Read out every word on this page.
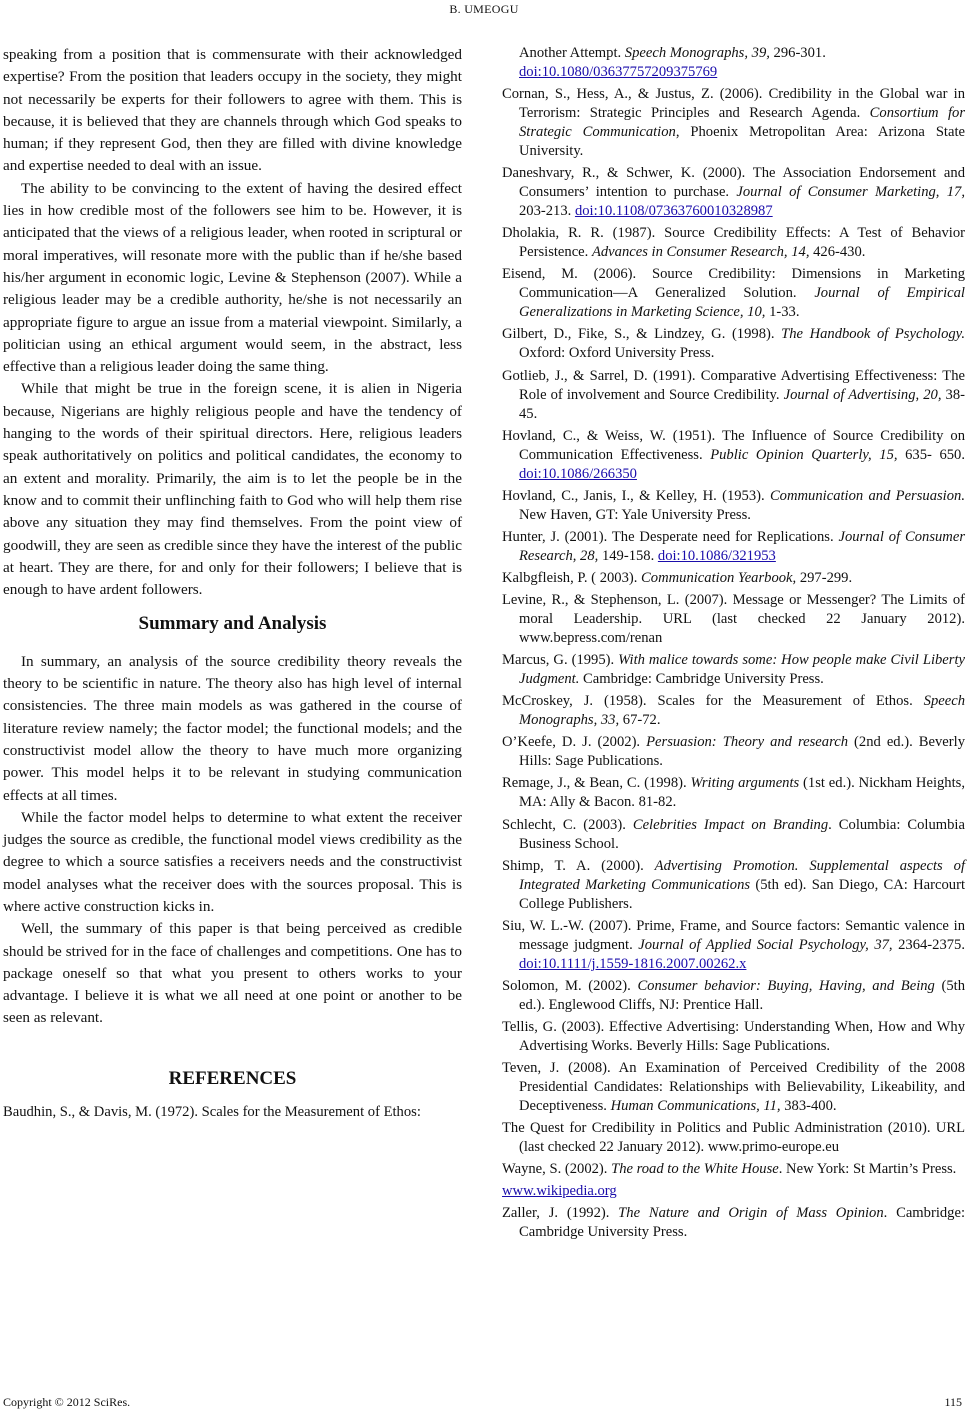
B. UMEOGU

speaking from a position that is commensurate with their acknowledged expertise? From the position that leaders occupy in the society, they might not necessarily be experts for their followers to agree with them. This is because, it is believed that they are channels through which God speaks to human; if they represent God, then they are filled with divine knowledge and expertise needed to deal with an issue.

The ability to be convincing to the extent of having the desired effect lies in how credible most of the followers see him to be. However, it is anticipated that the views of a religious leader, when rooted in scriptural or moral imperatives, will resonate more with the public than if he/she based his/her argument in economic logic, Levine & Stephenson (2007). While a religious leader may be a credible authority, he/she is not necessarily an appropriate figure to argue an issue from a material viewpoint. Similarly, a politician using an ethical argument would seem, in the abstract, less effective than a religious leader doing the same thing.

While that might be true in the foreign scene, it is alien in Nigeria because, Nigerians are highly religious people and have the tendency of hanging to the words of their spiritual directors. Here, religious leaders speak authoritatively on politics and political candidates, the economy to an extent and morality. Primarily, the aim is to let the people be in the know and to commit their unflinching faith to God who will help them rise above any situation they may find themselves. From the point view of goodwill, they are seen as credible since they have the interest of the public at heart. They are there, for and only for their followers; I believe that is enough to have ardent followers.

Summary and Analysis

In summary, an analysis of the source credibility theory reveals the theory to be scientific in nature. The theory also has high level of internal consistencies. The three main models as was gathered in the course of literature review namely; the factor model; the functional models; and the constructivist model allow the theory to have much more organizing power. This model helps it to be relevant in studying communication effects at all times.

While the factor model helps to determine to what extent the receiver judges the source as credible, the functional model views credibility as the degree to which a source satisfies a receivers needs and the constructivist model analyses what the receiver does with the sources proposal. This is where active construction kicks in.

Well, the summary of this paper is that being perceived as credible should be strived for in the face of challenges and competitions. One has to package oneself so that what you present to others works to your advantage. I believe it is what we all need at one point or another to be seen as relevant.

REFERENCES

Baudhin, S., & Davis, M. (1972). Scales for the Measurement of Ethos:

Another Attempt. Speech Monographs, 39, 296-301.
doi:10.1080/03637757209375769

Cornan, S., Hess, A., & Justus, Z. (2006). Credibility in the Global war in Terrorism: Strategic Principles and Research Agenda. Consortium for Strategic Communication, Phoenix Metropolitan Area: Arizona State University.

Daneshvary, R., & Schwer, K. (2000). The Association Endorsement and Consumers’ intention to purchase. Journal of Consumer Marketing, 17, 203-213. doi:10.1108/07363760010328987

Dholakia, R. R. (1987). Source Credibility Effects: A Test of Behavior Persistence. Advances in Consumer Research, 14, 426-430.

Eisend, M. (2006). Source Credibility: Dimensions in Marketing Communication—A Generalized Solution. Journal of Empirical Generalizations in Marketing Science, 10, 1-33.

Gilbert, D., Fike, S., & Lindzey, G. (1998). The Handbook of Psychology. Oxford: Oxford University Press.

Gotlieb, J., & Sarrel, D. (1991). Comparative Advertising Effectiveness: The Role of involvement and Source Credibility. Journal of Advertising, 20, 38-45.

Hovland, C., & Weiss, W. (1951). The Influence of Source Credibility on Communication Effectiveness. Public Opinion Quarterly, 15, 635- 650. doi:10.1086/266350

Hovland, C., Janis, I., & Kelley, H. (1953). Communication and Persuasion. New Haven, GT: Yale University Press.

Hunter, J. (2001). The Desperate need for Replications. Journal of Consumer Research, 28, 149-158. doi:10.1086/321953

Kalbgfleish, P. ( 2003). Communication Yearbook, 297-299.

Levine, R., & Stephenson, L. (2007). Message or Messenger? The Limits of moral Leadership. URL (last checked 22 January 2012). www.bepress.com/renan

Marcus, G. (1995). With malice towards some: How people make Civil Liberty Judgment. Cambridge: Cambridge University Press.

McCroskey, J. (1958). Scales for the Measurement of Ethos. Speech Monographs, 33, 67-72.

O’Keefe, D. J. (2002). Persuasion: Theory and research (2nd ed.). Beverly Hills: Sage Publications.

Remage, J., & Bean, C. (1998). Writing arguments (1st ed.). Nickham Heights, MA: Ally & Bacon. 81-82.

Schlecht, C. (2003). Celebrities Impact on Branding. Columbia: Columbia Business School.

Shimp, T. A. (2000). Advertising Promotion. Supplemental aspects of Integrated Marketing Communications (5th ed). San Diego, CA: Harcourt College Publishers.

Siu, W. L.-W. (2007). Prime, Frame, and Source factors: Semantic valence in message judgment. Journal of Applied Social Psychology, 37, 2364-2375. doi:10.1111/j.1559-1816.2007.00262.x

Solomon, M. (2002). Consumer behavior: Buying, Having, and Being (5th ed.). Englewood Cliffs, NJ: Prentice Hall.

Tellis, G. (2003). Effective Advertising: Understanding When, How and Why Advertising Works. Beverly Hills: Sage Publications.

Teven, J. (2008). An Examination of Perceived Credibility of the 2008 Presidential Candidates: Relationships with Believability, Likeability, and Deceptiveness. Human Communications, 11, 383-400.

The Quest for Credibility in Politics and Public Administration (2010). URL (last checked 22 January 2012). www.primo-europe.eu

Wayne, S. (2002). The road to the White House. New York: St Martin’s Press.

www.wikipedia.org

Zaller, J. (1992). The Nature and Origin of Mass Opinion. Cambridge: Cambridge University Press.

Copyright © 2012 SciRes.	115
